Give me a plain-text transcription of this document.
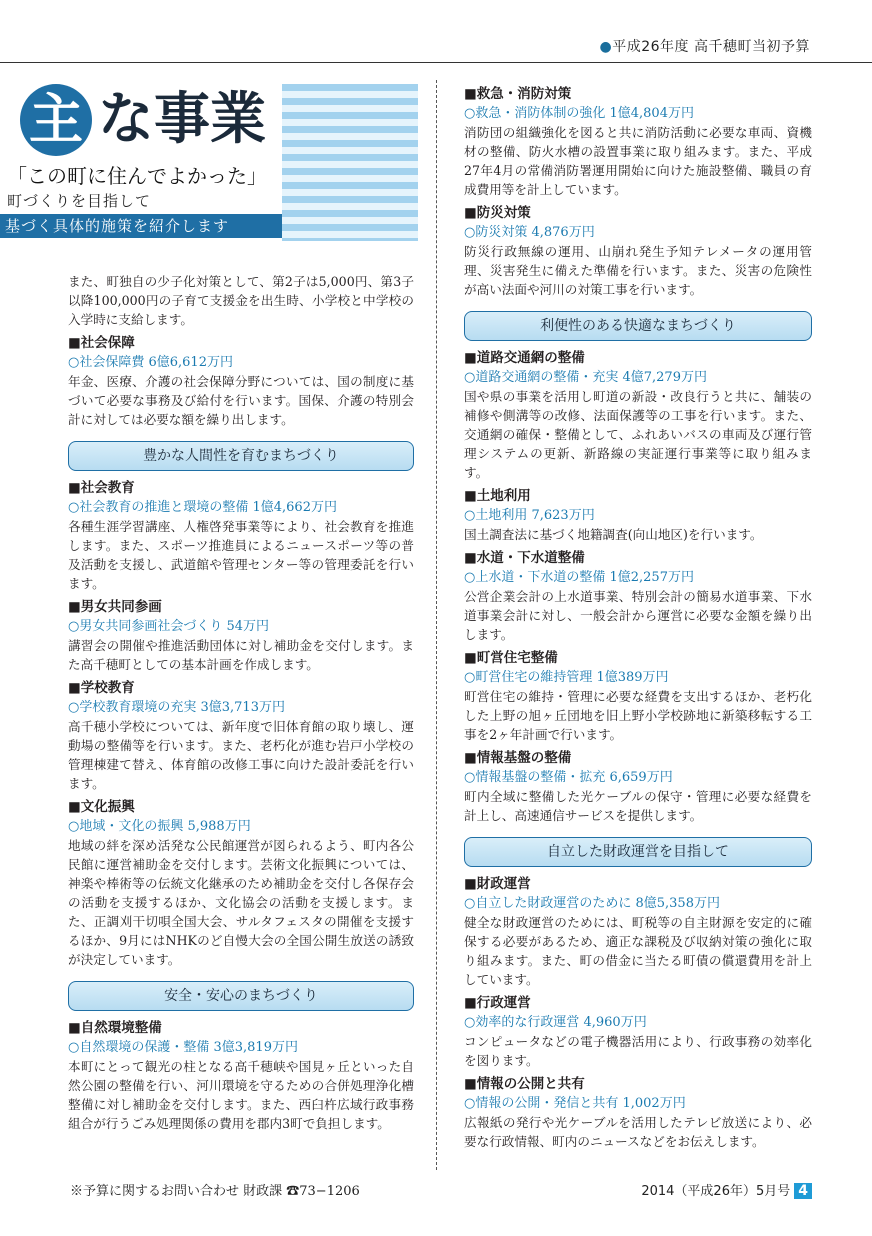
●平成26年度 高千穂町当初予算
主 な事業
「この町に住んでよかった」
町づくりを目指して
基づく具体的施策を紹介します
また、町独自の少子化対策として、第2子は5,000円、第3子以降100,000円の子育て支援金を出生時、小学校と中学校の入学時に支給します。
■社会保障
○社会保障費 6億6,612万円
年金、医療、介護の社会保障分野については、国の制度に基づいて必要な事務及び給付を行います。国保、介護の特別会計に対しては必要な額を繰り出します。
豊かな人間性を育むまちづくり
■社会教育
○社会教育の推進と環境の整備 1億4,662万円
各種生涯学習講座、人権啓発事業等により、社会教育を推進します。また、スポーツ推進員によるニュースポーツ等の普及活動を支援し、武道館や管理センター等の管理委託を行います。
■男女共同参画
○男女共同参画社会づくり 54万円
講習会の開催や推進活動団体に対し補助金を交付します。また高千穂町としての基本計画を作成します。
■学校教育
○学校教育環境の充実 3億3,713万円
高千穂小学校については、新年度で旧体育館の取り壊し、運動場の整備等を行います。また、老朽化が進む岩戸小学校の管理棟建て替え、体育館の改修工事に向けた設計委託を行います。
■文化振興
○地域・文化の振興 5,988万円
地域の絆を深め活発な公民館運営が図られるよう、町内各公民館に運営補助金を交付します。芸術文化振興については、神楽や棒術等の伝統文化継承のため補助金を交付し各保存会の活動を支援するほか、文化協会の活動を支援します。また、正調刈干切唄全国大会、サルタフェスタの開催を支援するほか、9月にはNHKのど自慢大会の全国公開生放送の誘致が決定しています。
安全・安心のまちづくり
■自然環境整備
○自然環境の保護・整備 3億3,819万円
本町にとって観光の柱となる高千穂峡や国見ヶ丘といった自然公園の整備を行い、河川環境を守るための合併処理浄化槽整備に対し補助金を交付します。また、西臼杵広域行政事務組合が行うごみ処理関係の費用を郡内3町で負担します。
■救急・消防対策
○救急・消防体制の強化 1億4,804万円
消防団の組織強化を図ると共に消防活動に必要な車両、資機材の整備、防火水槽の設置事業に取り組みます。また、平成27年4月の常備消防署運用開始に向けた施設整備、職員の育成費用等を計上しています。
■防災対策
○防災対策 4,876万円
防災行政無線の運用、山崩れ発生予知テレメータの運用管理、災害発生に備えた準備を行います。また、災害の危険性が高い法面や河川の対策工事を行います。
利便性のある快適なまちづくり
■道路交通網の整備
○道路交通網の整備・充実 4億7,279万円
国や県の事業を活用し町道の新設・改良行うと共に、舗装の補修や側溝等の改修、法面保護等の工事を行います。また、交通網の確保・整備として、ふれあいバスの車両及び運行管理システムの更新、新路線の実証運行事業等に取り組みます。
■土地利用
○土地利用 7,623万円
国土調査法に基づく地籍調査(向山地区)を行います。
■水道・下水道整備
○上水道・下水道の整備 1億2,257万円
公営企業会計の上水道事業、特別会計の簡易水道事業、下水道事業会計に対し、一般会計から運営に必要な金額を繰り出します。
■町営住宅整備
○町営住宅の維持管理 1億389万円
町営住宅の維持・管理に必要な経費を支出するほか、老朽化した上野の旭ヶ丘団地を旧上野小学校跡地に新築移転する工事を2ヶ年計画で行います。
■情報基盤の整備
○情報基盤の整備・拡充 6,659万円
町内全域に整備した光ケーブルの保守・管理に必要な経費を計上し、高速通信サービスを提供します。
自立した財政運営を目指して
■財政運営
○自立した財政運営のために 8億5,358万円
健全な財政運営のためには、町税等の自主財源を安定的に確保する必要があるため、適正な課税及び収納対策の強化に取り組みます。また、町の借金に当たる町債の償還費用を計上しています。
■行政運営
○効率的な行政運営 4,960万円
コンピュータなどの電子機器活用により、行政事務の効率化を図ります。
■情報の公開と共有
○情報の公開・発信と共有 1,002万円
広報紙の発行や光ケーブルを活用したテレビ放送により、必要な行政情報、町内のニュースなどをお伝えします。
※予算に関するお問い合わせ 財政課 ☎73−1206	2014（平成26年）5月号 4
